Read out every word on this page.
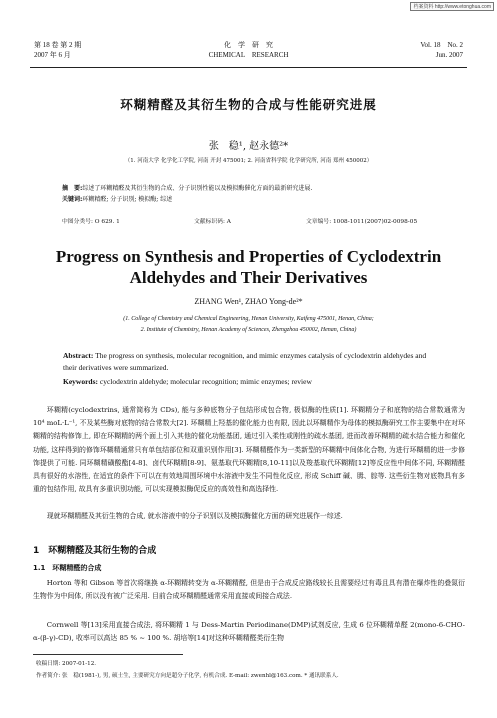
档案资料 http://www.etonghua.com
第 18 卷 第 2 期
2007 年 6 月
化　学　研　究
CHEMICAL　RESEARCH
Vol. 18　No. 2
Jun. 2007
环糊精醛及其衍生物的合成与性能研究进展
张　稳¹, 赵永德²*
（1. 河南大学 化学化工学院, 河南 开封 475001; 2. 河南省科学院 化学研究所, 河南 郑州 450002）
摘　要:综述了环糊精醛及其衍生物的合成、分子识别性能以及模拟酶催化方面的最新研究进展.
关键词:环糊精醛; 分子识别; 模拟酶; 综述
中图分类号: O 629. 1	文献标识码: A	文章编号: 1008-1011(2007)02-0098-05
Progress on Synthesis and Properties of Cyclodextrin
Aldehydes and Their Derivatives
ZHANG Wen¹, ZHAO Yong-de²*
(1. College of Chemistry and Chemical Engineering, Henan University, Kaifeng 475001, Henan, China;
2. Institute of Chemistry, Henan Academy of Sciences, Zhengzhou 450002, Henan, China)
Abstract: The progress on synthesis, molecular recognition, and mimic enzymes catalysis of cyclodextrin aldehydes and their derivatives were summarized.
Keywords: cyclodextrin aldehyde; molecular recognition; mimic enzymes; review
环糊精(cyclodextrins, 通常简称为 CDs), 能与多种底物分子包结形成包合物, 极似酶的性质[1]. 环糊精分子和底物的结合常数通常为 10⁴ moL·L⁻¹, 不及某些酶对底物的结合常数大[2]. 环糊精上羟基的催化能力也有限, 因此以环糊精作为母体的模拟酶研究工作主要集中在对环糊精的结构修饰上, 即在环糊精的两个面上引入其他的催化功能基团, 通过引入柔性或刚性的疏水基团, 进而改善环糊精的疏水结合能力和催化功能, 这样得到的修饰环糊精通常只有单包结部位和双重识别作用[3]. 环糊精醛作为一类新型的环糊精中间体化合物, 为进行环糊精的进一步修饰提供了可能. 同环糊精磺酸酯[4-8]、卤代环糊精[8-9]、氨基取代环糊精[8,10-11]以及羧基取代环糊精[12]等反应性中间体不同, 环糊精醛具有很好的水溶性, 在适宜的条件下可以在有效地周围环境中水溶液中发生不同性化反应, 形成 Schiff 碱、胟、腙等. 这些衍生物对底物具有多重的包结作用, 故具有多重识别功能, 可以实现模拟酶促反应的高效性和高选择性.
现就环糊精醛及其衍生物的合成, 就水溶液中的分子识别以及模拟酶催化方面的研究进展作一综述.
1　环糊精醛及其衍生物的合成
1.1　环糊精醛的合成
Horton 等和 Gibson 等首次将继换 α-环糊精转变为 α-环糊精醛, 但是由于合成反应路线较长且需要经过有毒且具有潜在爆炸性的叠氮衍生物作为中间体, 所以没有被广泛采用. 目前合成环糊精醛通常采用直接或间接合成法.
Cornwell 等[13]采用直接合成法, 将环糊精 1 与 Dess-Martin Periodinane(DMP)试剂反应, 生成 6 位环糊精单醛 2(mono-6-CHO-α-(β-γ)-CD), 收率可以高达 85 % ~ 100 %. 胡培等[14]对这种环糊精醛类衍生物
收稿日期: 2007-01-12.
作者简介: 张　稳(1981-), 男, 硕士生, 主要研究方向是超分子化学, 有机合成. E-mail: zwenhl@163.com. * 通讯联系人.
